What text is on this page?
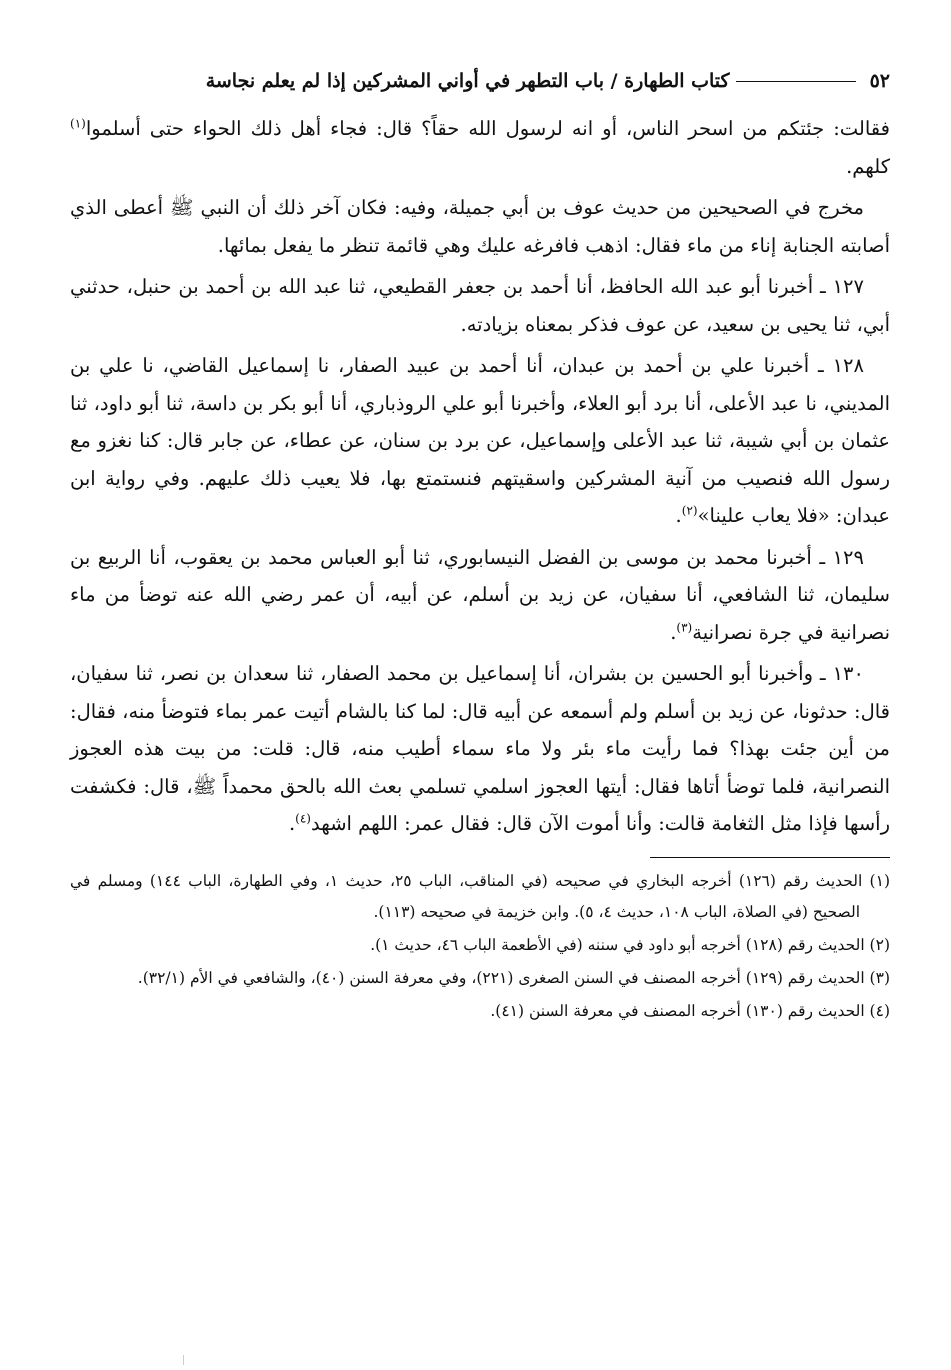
٥٢
كتاب الطهارة / باب التطهر في أواني المشركين إذا لم يعلم نجاسة

فقالت: جئتكم من اسحر الناس، أو انه لرسول الله حقاً؟ قال: فجاء أهل ذلك الحواء حتى أسلموا$^{(١)}$ كلهم.

مخرج في الصحيحين من حديث عوف بن أبي جميلة، وفيه: فكان آخر ذلك أن النبي ﷺ أعطى الذي أصابته الجنابة إناء من ماء فقال: اذهب فافرغه عليك وهي قائمة تنظر ما يفعل بمائها.

١٢٧ ـ أخبرنا أبو عبد الله الحافظ، أنا أحمد بن جعفر القطيعي، ثنا عبد الله بن أحمد بن حنبل، حدثني أبي، ثنا يحيى بن سعيد، عن عوف فذكر بمعناه بزيادته.

١٢٨ ـ أخبرنا علي بن أحمد بن عبدان، أنا أحمد بن عبيد الصفار، نا إسماعيل القاضي، نا علي بن المديني، نا عبد الأعلى، أنا برد أبو العلاء، وأخبرنا أبو علي الروذباري، أنا أبو بكر بن داسة، ثنا أبو داود، ثنا عثمان بن أبي شيبة، ثنا عبد الأعلى وإسماعيل، عن برد بن سنان، عن عطاء، عن جابر قال: كنا نغزو مع رسول الله فنصيب من آنية المشركين واسقيتهم فنستمتع بها، فلا يعيب ذلك عليهم. وفي رواية ابن عبدان: «فلا يعاب علينا»$^{(٢)}$.

١٢٩ ـ أخبرنا محمد بن موسى بن الفضل النيسابوري، ثنا أبو العباس محمد بن يعقوب، أنا الربيع بن سليمان، ثنا الشافعي، أنا سفيان، عن زيد بن أسلم، عن أبيه، أن عمر رضي الله عنه توضأ من ماء نصرانية في جرة نصرانية$^{(٣)}$.

١٣٠ ـ وأخبرنا أبو الحسين بن بشران، أنا إسماعيل بن محمد الصفار، ثنا سعدان بن نصر، ثنا سفيان، قال: حدثونا، عن زيد بن أسلم ولم أسمعه عن أبيه قال: لما كنا بالشام أتيت عمر بماء فتوضأ منه، فقال: من أين جئت بهذا؟ فما رأيت ماء بئر ولا ماء سماء أطيب منه، قال: قلت: من بيت هذه العجوز النصرانية، فلما توضأ أتاها فقال: أيتها العجوز اسلمي تسلمي بعث الله بالحق محمداً ﷺ، قال: فكشفت رأسها فإذا مثل الثغامة قالت: وأنا أموت الآن قال: فقال عمر: اللهم اشهد$^{(٤)}$.

(١) الحديث رقم (١٢٦) أخرجه البخاري في صحيحه (في المناقب، الباب ٢٥، حديث ١، وفي الطهارة، الباب ١٤٤) ومسلم في الصحيح (في الصلاة، الباب ١٠٨، حديث ٤، ٥). وابن خزيمة في صحيحه (١١٣).

(٢) الحديث رقم (١٢٨) أخرجه أبو داود في سننه (في الأطعمة الباب ٤٦، حديث ١).

(٣) الحديث رقم (١٢٩) أخرجه المصنف في السنن الصغرى (٢٢١)، وفي معرفة السنن (٤٠)، والشافعي في الأم (٣٢/١).

(٤) الحديث رقم (١٣٠) أخرجه المصنف في معرفة السنن (٤١).
